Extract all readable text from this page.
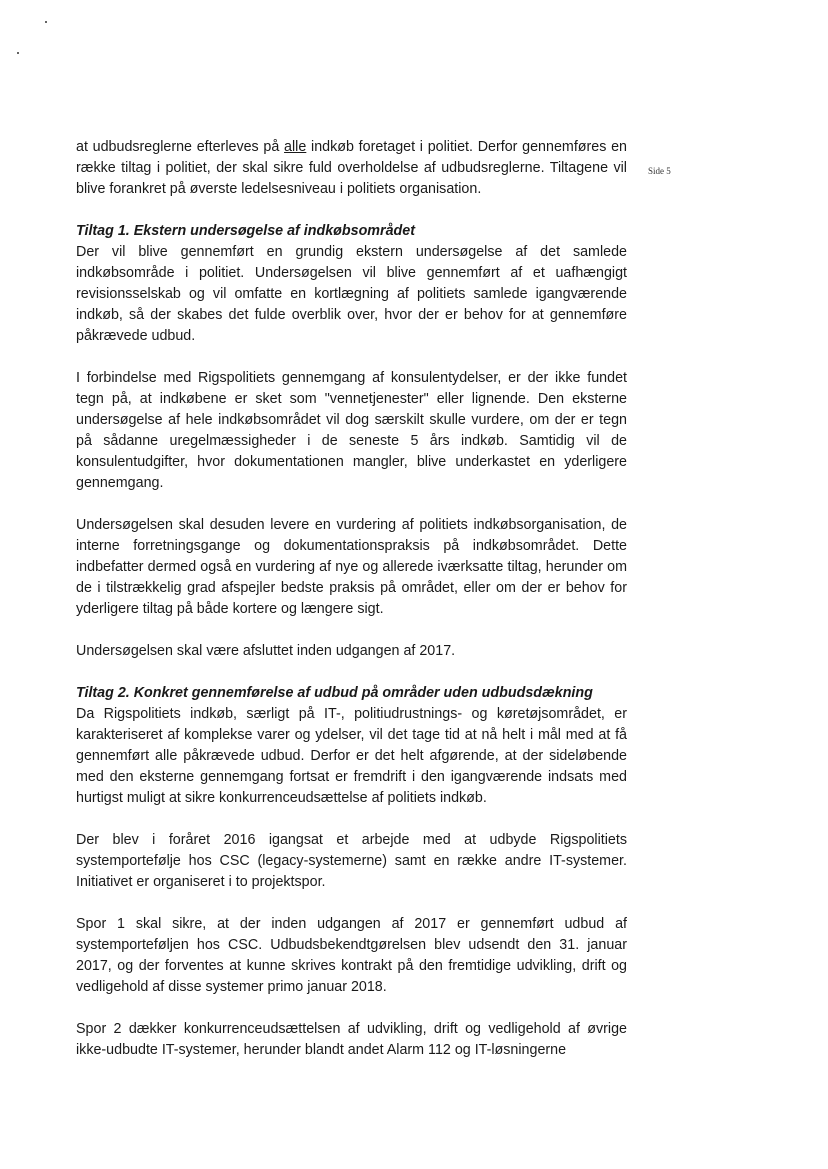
Side 5

at udbudsreglerne efterleves på alle indkøb foretaget i politiet. Derfor gennemføres en række tiltag i politiet, der skal sikre fuld overholdelse af udbudsreglerne. Tiltagene vil blive forankret på øverste ledelsesniveau i politiets organisation.

Tiltag 1. Ekstern undersøgelse af indkøbsområdet

Der vil blive gennemført en grundig ekstern undersøgelse af det samlede indkøbsområde i politiet. Undersøgelsen vil blive gennemført af et uafhængigt revisionsselskab og vil omfatte en kortlægning af politiets samlede igangværende indkøb, så der skabes det fulde overblik over, hvor der er behov for at gennemføre påkrævede udbud.

I forbindelse med Rigspolitiets gennemgang af konsulentydelser, er der ikke fundet tegn på, at indkøbene er sket som "vennetjenester" eller lignende. Den eksterne undersøgelse af hele indkøbsområdet vil dog særskilt skulle vurdere, om der er tegn på sådanne uregelmæssigheder i de seneste 5 års indkøb. Samtidig vil de konsulentudgifter, hvor dokumentationen mangler, blive underkastet en yderligere gennemgang.

Undersøgelsen skal desuden levere en vurdering af politiets indkøbsorganisation, de interne forretningsgange og dokumentationspraksis på indkøbsområdet. Dette indbefatter dermed også en vurdering af nye og allerede iværksatte tiltag, herunder om de i tilstrækkelig grad afspejler bedste praksis på området, eller om der er behov for yderligere tiltag på både kortere og længere sigt.

Undersøgelsen skal være afsluttet inden udgangen af 2017.

Tiltag 2. Konkret gennemførelse af udbud på områder uden udbudsdækning

Da Rigspolitiets indkøb, særligt på IT-, politiudrustnings- og køretøjsområdet, er karakteriseret af komplekse varer og ydelser, vil det tage tid at nå helt i mål med at få gennemført alle påkrævede udbud. Derfor er det helt afgørende, at der sideløbende med den eksterne gennemgang fortsat er fremdrift i den igangværende indsats med hurtigst muligt at sikre konkurrenceudsættelse af politiets indkøb.

Der blev i foråret 2016 igangsat et arbejde med at udbyde Rigspolitiets systemportefølje hos CSC (legacy-systemerne) samt en række andre IT-systemer. Initiativet er organiseret i to projektspor.

Spor 1 skal sikre, at der inden udgangen af 2017 er gennemført udbud af systemporteføljen hos CSC. Udbudsbekendtgørelsen blev udsendt den 31. januar 2017, og der forventes at kunne skrives kontrakt på den fremtidige udvikling, drift og vedligehold af disse systemer primo januar 2018.

Spor 2 dækker konkurrenceudsættelsen af udvikling, drift og vedligehold af øvrige ikke-udbudte IT-systemer, herunder blandt andet Alarm 112 og IT-løsningerne
